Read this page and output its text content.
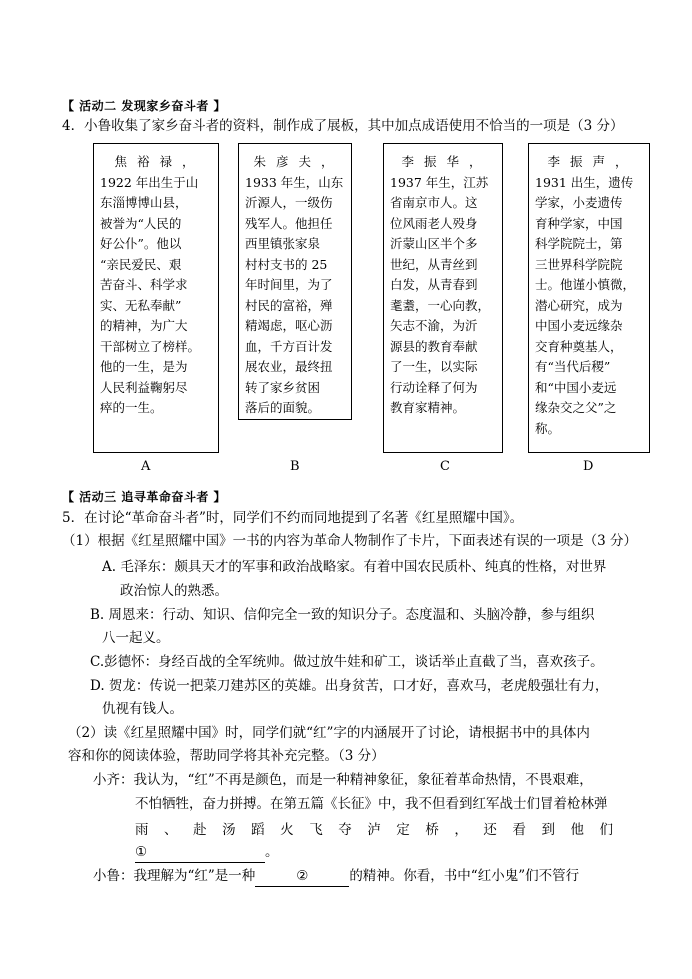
【 活动二 发现家乡奋斗者 】
4．小鲁收集了家乡奋斗者的资料，制作成了展板，其中加点成语使用不恰当的一项是（3 分）

焦 裕 禄 ，

1922 年出生于山

东淄博博山县，

被誉为“人民的

好公仆”。他以

“亲民爱民、艰

苦奋斗、科学求

实、无私奉献”

的精神，为广大

干部树立了榜样。

他的一生，是为

人民利益鞠躬尽

瘁的一生。

朱 彦 夫 ，

1933 年生，山东

沂源人，一级伤

残军人。他担任

西里镇张家泉

村村支书的 25

年时间里，为了

村民的富裕，殚

精竭虑，呕心沥

血，千方百计发

展农业，最终扭

转了家乡贫困

落后的面貌。

李 振 华 ，

1937 年生，江苏

省南京市人。这

位风雨老人殁身

沂蒙山区半个多

世纪，从青丝到

白发，从青春到

耄耋，一心向教，

矢志不渝，为沂

源县的教育奉献

了一生，以实际

行动诠释了何为

教育家精神。

李 振 声 ，

1931 出生，遗传

学家，小麦遗传

育种学家，中国

科学院院士，第

三世界科学院院

士。他谨小慎微，

潜心研究，成为

中国小麦远缘杂

交育种奠基人，

有“当代后稷”

和“中国小麦远

缘杂交之父”之

称。

A	B	C	D
【 活动三 追寻革命奋斗者 】
5．在讨论“革命奋斗者”时，同学们不约而同地提到了名著《红星照耀中国》。
（1）根据《红星照耀中国》一书的内容为革命人物制作了卡片，下面表述有误的一项是（3 分）
A. 毛泽东：颇具天才的军事和政治战略家。有着中国农民质朴、纯真的性格，对世界
政治惊人的熟悉。
B. 周恩来：行动、知识、信仰完全一致的知识分子。态度温和、头脑冷静，参与组织
八一起义。
C.彭德怀：身经百战的全军统帅。做过放牛娃和矿工，谈话举止直截了当，喜欢孩子。
D. 贺龙：传说一把菜刀建苏区的英雄。出身贫苦，口才好，喜欢马，老虎般强壮有力，
仇视有钱人。
（2）读《红星照耀中国》时，同学们就“红”字的内涵展开了讨论，请根据书中的具体内
容和你的阅读体验，帮助同学将其补充完整。（3 分）
小齐：我认为，“红”不再是颜色，而是一种精神象征，象征着革命热情，不畏艰难，
不怕牺牲，奋力拼搏。在第五篇《长征》中，我不但看到红军战士们冒着枪林弹
雨 、 赴 汤 蹈 火 飞 夺 泸 定 桥 ， 还 看 到 他 们
①	。
小鲁：我理解为“红”是一种	②	的精神。你看，书中“红小鬼”们不管行
